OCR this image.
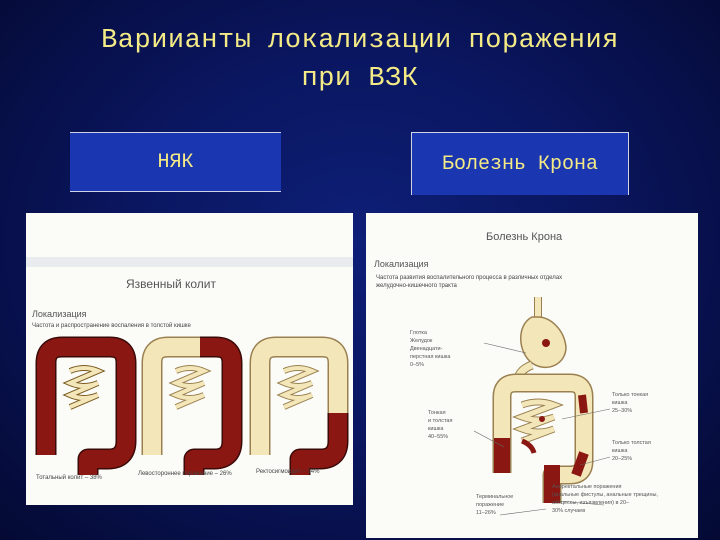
Вариианты локализации поражения
при ВЗК
НЯК	Болезнь Крона
Язвенный колит
Локализация
Частота и распространение воспаления в толстой кишке
Тотальный колит – 38%
Левостороннее поражение – 26%	Ректосигмоидит – 34%
Болезнь Крона
Локализация
Частота развития воспалительного процесса в различных отделах
желудочно-кишечного тракта
Глотка
Желудок
Двенадцати-
перстная кишка
0–5%
Только тонкая
кишка
25–30%
Тонкая
и толстая
кишка
40–55%
Только толстая
кишка
20–25%
Аноректальные поражения
(анальные фистулы, анальные трещины,
абсцессы, изъязвления) в 20–
30% случаев
Терминальное
поражение
11–26%
